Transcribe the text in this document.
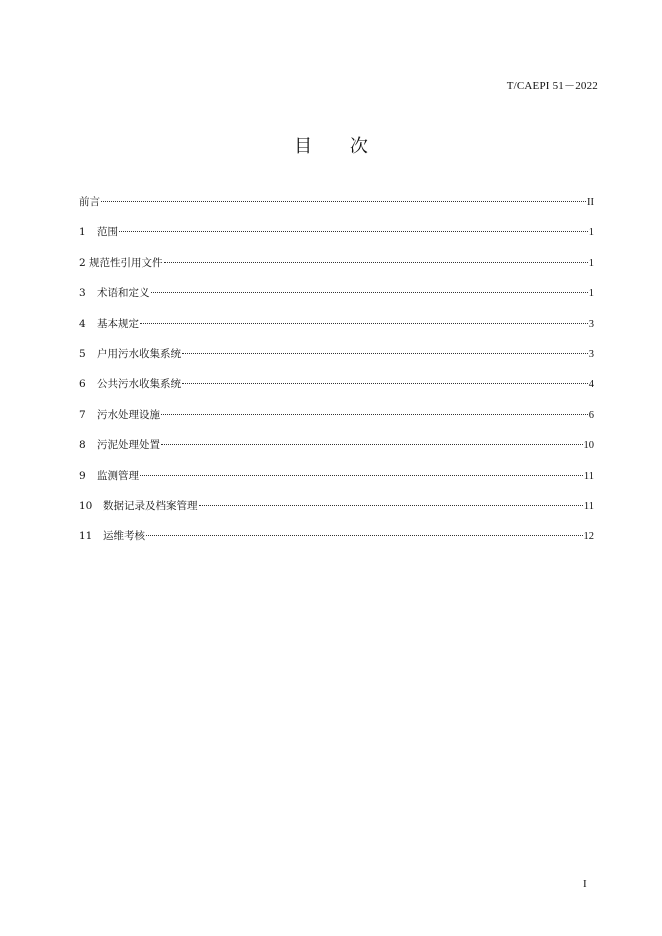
T/CAEPI 51－2022
目 次
前言	II
1	范围	1
2 规范性引用文件	1
3	术语和定义	1
4	基本规定	3
5	户用污水收集系统	3
6	公共污水收集系统	4
7	污水处理设施	6
8	污泥处理处置	10
9	监测管理	11
10	数据记录及档案管理	11
11	运维考核	12
I
